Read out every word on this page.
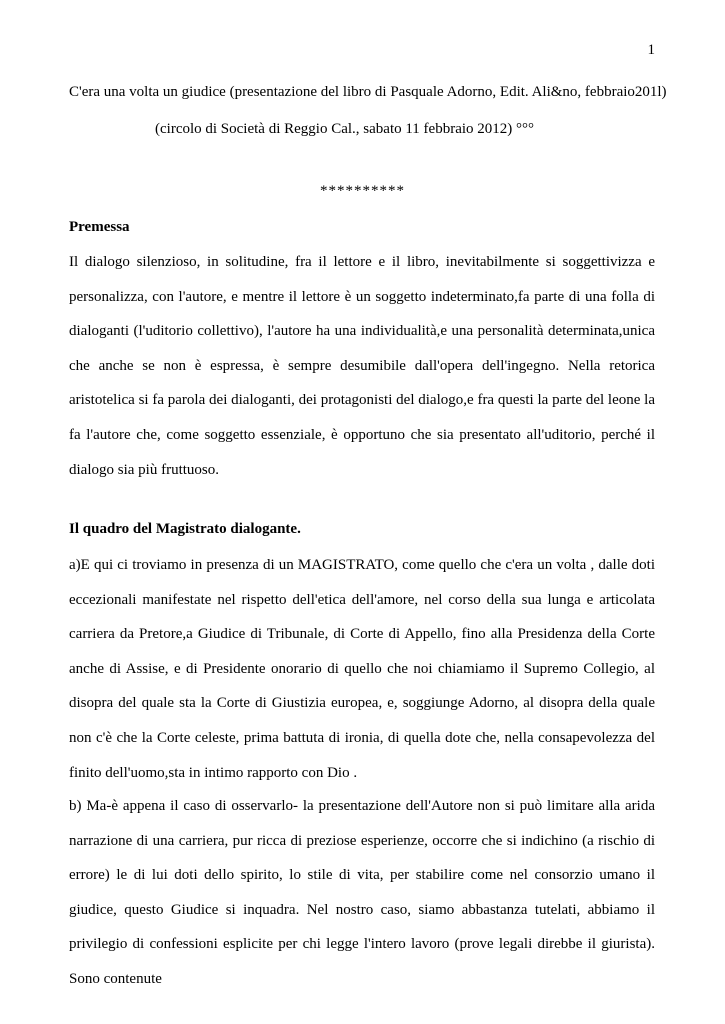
1
C'era una volta un giudice (presentazione del libro di Pasquale Adorno, Edit. Ali&no, febbraio201l)
(circolo di Società di Reggio Cal., sabato 11 febbraio 2012) °°°
**********
Premessa

Il dialogo silenzioso, in solitudine, fra il lettore e il libro, inevitabilmente si soggettivizza e personalizza, con l'autore, e mentre il lettore è un soggetto indeterminato,fa parte di una folla di dialoganti (l'uditorio collettivo), l'autore ha una individualità,e una personalità determinata,unica che anche se non è espressa, è sempre desumibile dall'opera dell'ingegno. Nella retorica aristotelica si fa parola dei dialoganti, dei protagonisti del dialogo,e fra questi la parte del leone la fa l'autore che, come soggetto essenziale, è opportuno che sia presentato all'uditorio, perché il dialogo sia più fruttuoso.

Il quadro del Magistrato dialogante.

a)E qui ci troviamo in presenza di un MAGISTRATO, come quello che c'era un volta , dalle doti eccezionali manifestate nel rispetto dell'etica dell'amore, nel corso della sua lunga e articolata carriera da Pretore,a Giudice di Tribunale, di Corte di Appello, fino alla Presidenza della Corte anche di Assise, e di Presidente onorario di quello che noi chiamiamo il Supremo Collegio, al disopra del quale sta la Corte di Giustizia europea, e, soggiunge Adorno, al disopra della quale non c'è che la Corte celeste, prima battuta di ironia, di quella dote che, nella consapevolezza del finito dell'uomo,sta in intimo rapporto con Dio .

b) Ma-è appena il caso di osservarlo- la presentazione dell'Autore non si può limitare alla arida narrazione di una carriera, pur ricca di preziose esperienze, occorre che si indichino (a rischio di errore) le di lui doti dello spirito, lo stile di vita, per stabilire come nel consorzio umano il giudice, questo Giudice si inquadra. Nel nostro caso, siamo abbastanza tutelati, abbiamo il privilegio di confessioni esplicite per chi legge l'intero lavoro (prove legali direbbe il giurista). Sono contenute
